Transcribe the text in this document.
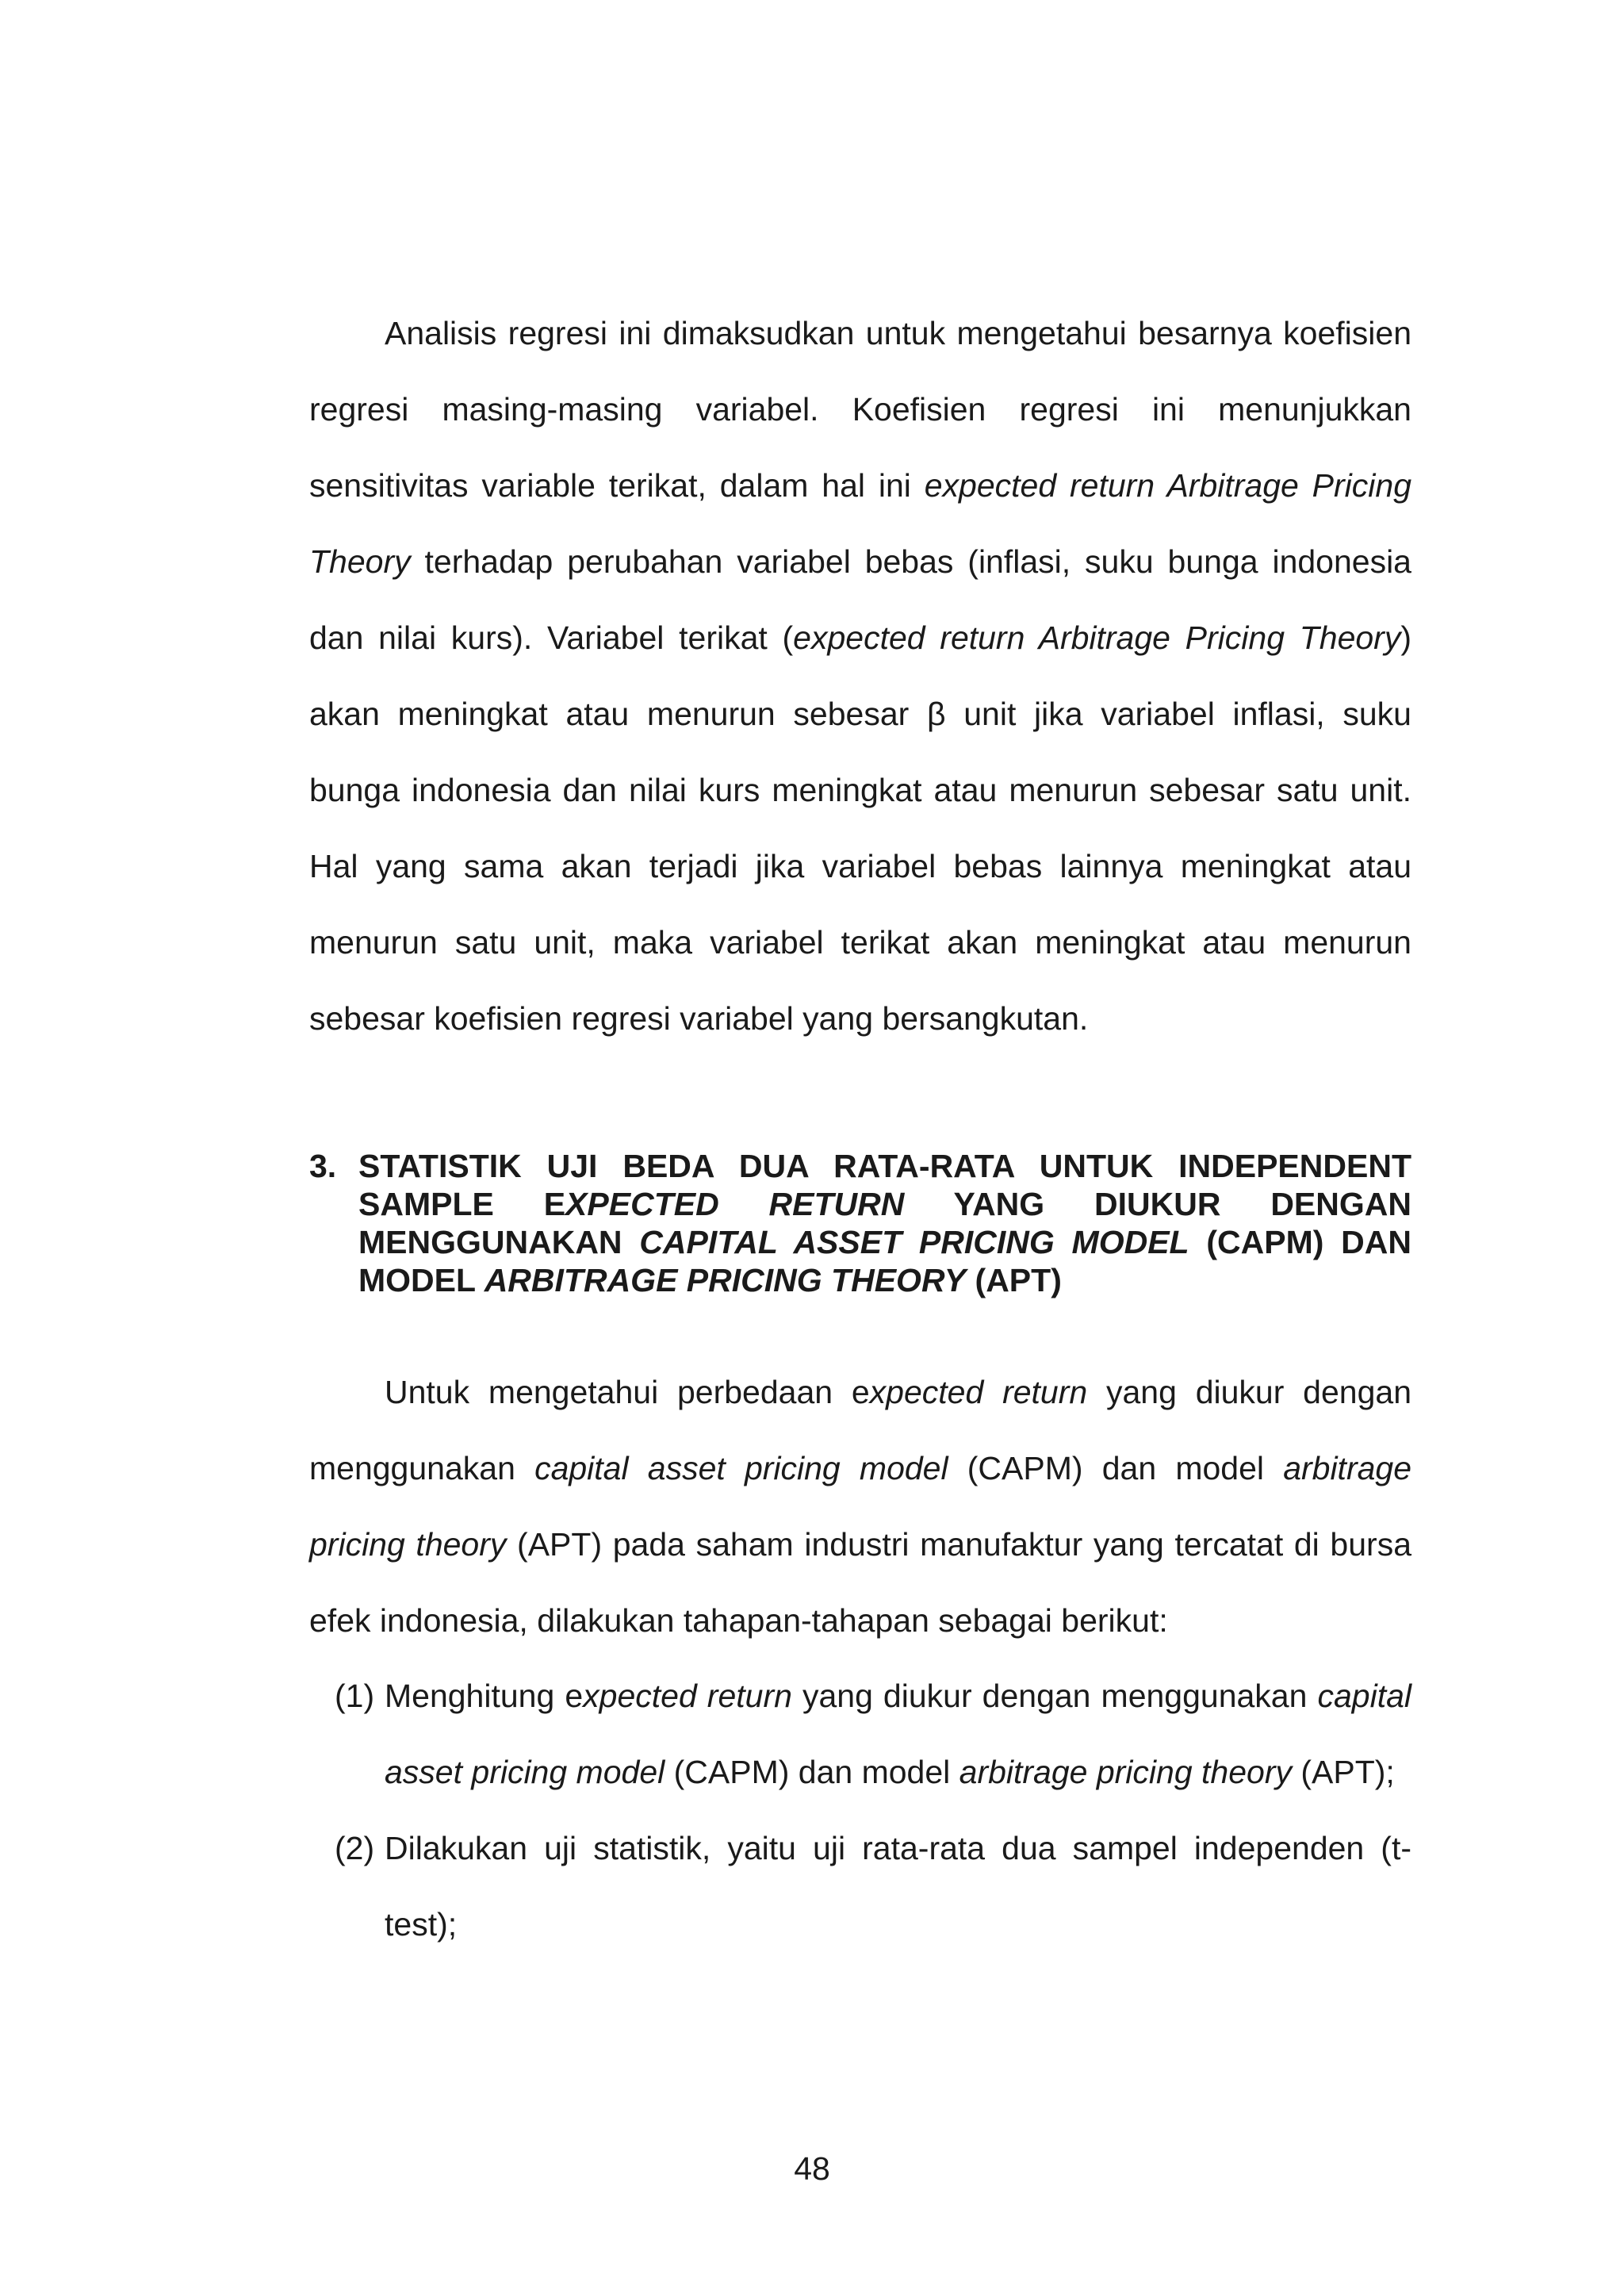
Analisis regresi ini dimaksudkan untuk mengetahui besarnya koefisien regresi masing-masing variabel. Koefisien regresi ini menunjukkan sensitivitas variable terikat, dalam hal ini expected return Arbitrage Pricing Theory terhadap perubahan variabel bebas (inflasi, suku bunga indonesia dan nilai kurs). Variabel terikat (expected return Arbitrage Pricing Theory) akan meningkat atau menurun sebesar β unit jika variabel inflasi, suku bunga indonesia dan nilai kurs meningkat atau menurun sebesar satu unit. Hal yang sama akan terjadi jika variabel bebas lainnya meningkat atau menurun satu unit, maka variabel terikat akan meningkat atau menurun sebesar koefisien regresi variabel yang bersangkutan.

3. STATISTIK UJI BEDA DUA RATA-RATA UNTUK INDEPENDENT SAMPLE EXPECTED RETURN YANG DIUKUR DENGAN MENGGUNAKAN CAPITAL ASSET PRICING MODEL (CAPM) DAN MODEL ARBITRAGE PRICING THEORY (APT)

Untuk mengetahui perbedaan expected return yang diukur dengan menggunakan capital asset pricing model (CAPM) dan model arbitrage pricing theory (APT) pada saham industri manufaktur yang tercatat di bursa efek indonesia, dilakukan tahapan-tahapan sebagai berikut:

(1) Menghitung expected return yang diukur dengan menggunakan capital asset pricing model (CAPM) dan model arbitrage pricing theory (APT);
(2) Dilakukan uji statistik, yaitu uji rata-rata dua sampel independen (t-test);
48
